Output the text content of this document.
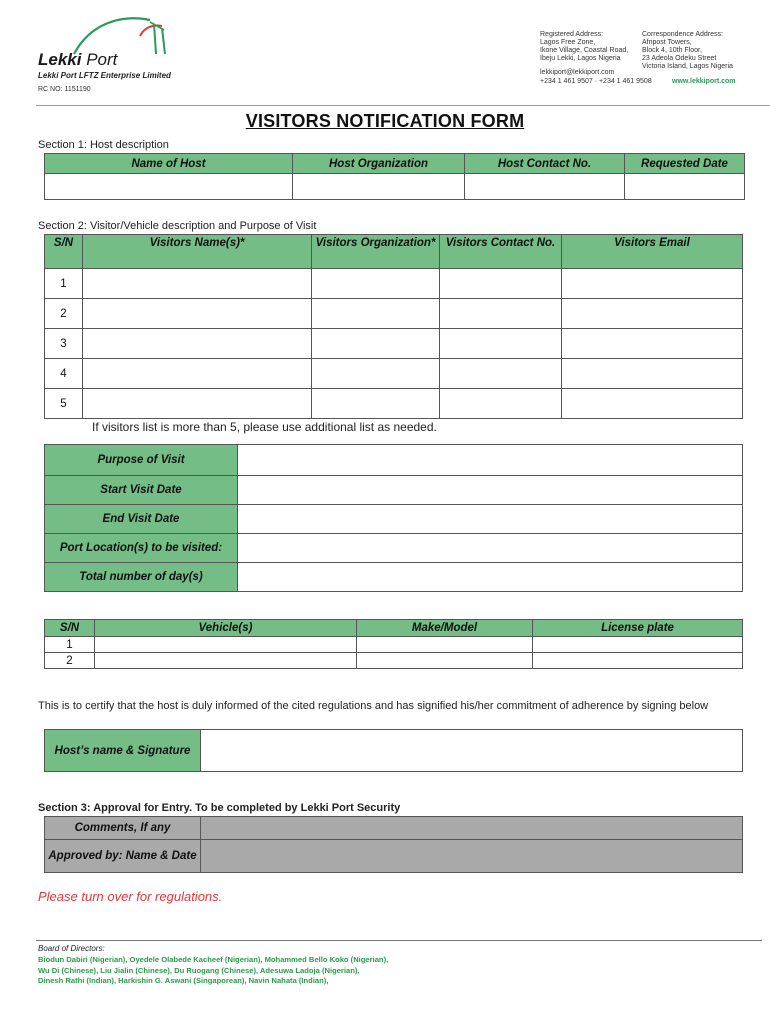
Lekki Port
Lekki Port LFTZ Enterprise Limited
RC NO: 1151190
Registered Address:
Lagos Free Zone,
Ikone Village, Coastal Road,
Ibeju Lekki, Lagos Nigeria
Correspondence Address:
Afripost Towers,
Block 4, 10th Floor,
23 Adeola Odeku Street
Victoria Island, Lagos Nigeria
lekkiport@lekkiport.com
+234 1 461 9507 · +234 1 461 9508	www.lekkiport.com
VISITORS NOTIFICATION FORM
Section 1: Host description
Name of Host	Host Organization	Host Contact No.	Requested Date

Section 2: Visitor/Vehicle description and Purpose of Visit
S/N	Visitors Name(s)*	Visitors Organization*	Visitors Contact No.	Visitors Email
1				
2				
3				
4				
5				
If visitors list is more than 5, please use additional list as needed.
Purpose of Visit	
Start Visit Date	
End Visit Date	
Port Location(s) to be visited:	
Total number of day(s)	
S/N	Vehicle(s)	Make/Model	License plate
1			
2			
This is to certify that the host is duly informed of the cited regulations and has signified his/her commitment of adherence by signing below
Host’s name & Signature	
Section 3: Approval for Entry. To be completed by Lekki Port Security
Comments, If any	
Approved by: Name & Date	
Please turn over for regulations.
Board of Directors:
Biodun Dabiri (Nigerian), Oyedele Olabede Kacheef (Nigerian), Mohammed Bello Koko (Nigerian),
Wu Di (Chinese), Liu Jialin (Chinese), Du Ruogang (Chinese), Adesuwa Ladoja (Nigerian),
Dinesh Rathi (Indian), Harkishin G. Aswani (Singaporean), Navin Nahata (Indian),
